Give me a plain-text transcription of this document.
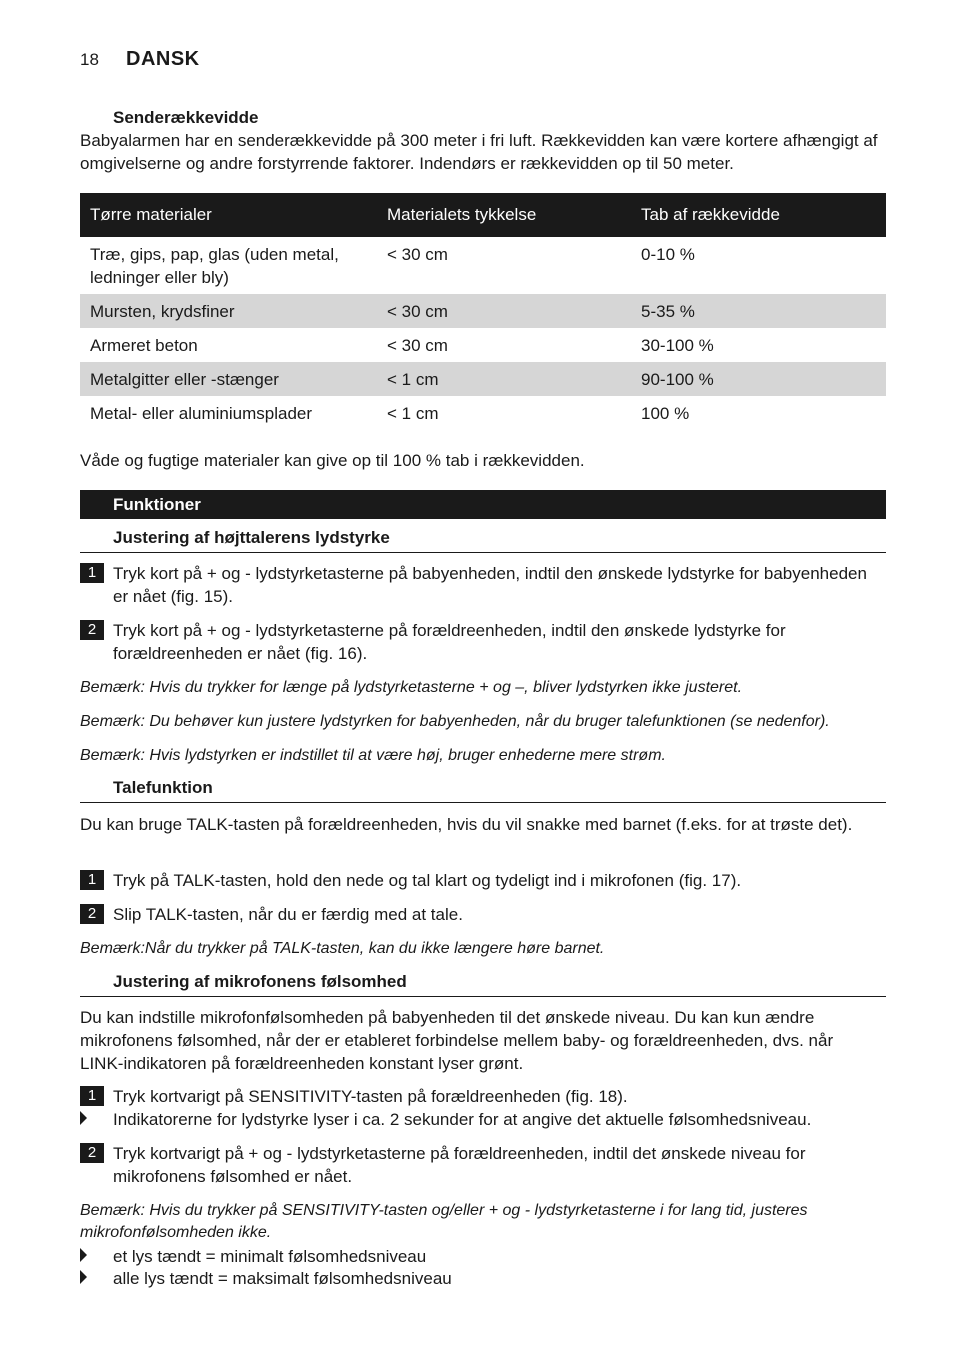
18 DANSK
Senderækkevidde
Babyalarmen har en senderækkevidde på 300 meter i fri luft. Rækkevidden kan være kortere afhængigt af omgivelserne og andre forstyrrende faktorer. Indendørs er rækkevidden op til 50 meter.
Tørre materialer	Materialets tykkelse	Tab af rækkevidde
Træ, gips, pap, glas (uden metal, ledninger eller bly)	< 30 cm	0-10 %
Mursten, krydsfiner	< 30 cm	5-35 %
Armeret beton	< 30 cm	30-100 %
Metalgitter eller -stænger	< 1 cm	90-100 %
Metal- eller aluminiumsplader	< 1 cm	100 %
Våde og fugtige materialer kan give op til 100 % tab i rækkevidden.
Funktioner
Justering af højttalerens lydstyrke
1 Tryk kort på + og - lydstyrketasterne på babyenheden, indtil den ønskede lydstyrke for babyenheden er nået (fig. 15).
2 Tryk kort på + og - lydstyrketasterne på forældreenheden, indtil den ønskede lydstyrke for forældreenheden er nået (fig. 16).
Bemærk: Hvis du trykker for længe på lydstyrketasterne + og –, bliver lydstyrken ikke justeret.
Bemærk: Du behøver kun justere lydstyrken for babyenheden, når du bruger talefunktionen (se nedenfor).
Bemærk: Hvis lydstyrken er indstillet til at være høj, bruger enhederne mere strøm.
Talefunktion
Du kan bruge TALK-tasten på forældreenheden, hvis du vil snakke med barnet (f.eks. for at trøste det).
1 Tryk på TALK-tasten, hold den nede og tal klart og tydeligt ind i mikrofonen (fig. 17).
2 Slip TALK-tasten, når du er færdig med at tale.
Bemærk:Når du trykker på TALK-tasten, kan du ikke længere høre barnet.
Justering af mikrofonens følsomhed
Du kan indstille mikrofonfølsomheden på babyenheden til det ønskede niveau. Du kan kun ændre mikrofonens følsomhed, når der er etableret forbindelse mellem baby- og forældreenheden, dvs. når LINK-indikatoren på forældreenheden konstant lyser grønt.
1 Tryk kortvarigt på SENSITIVITY-tasten på forældreenheden (fig. 18).
Indikatorerne for lydstyrke lyser i ca. 2 sekunder for at angive det aktuelle følsomhedsniveau.
2 Tryk kortvarigt på + og - lydstyrketasterne på forældreenheden, indtil det ønskede niveau for mikrofonens følsomhed er nået.
Bemærk: Hvis du trykker på SENSITIVITY-tasten og/eller + og - lydstyrketasterne i for lang tid, justeres mikrofonfølsomheden ikke.
et lys tændt = minimalt følsomhedsniveau
alle lys tændt = maksimalt følsomhedsniveau
